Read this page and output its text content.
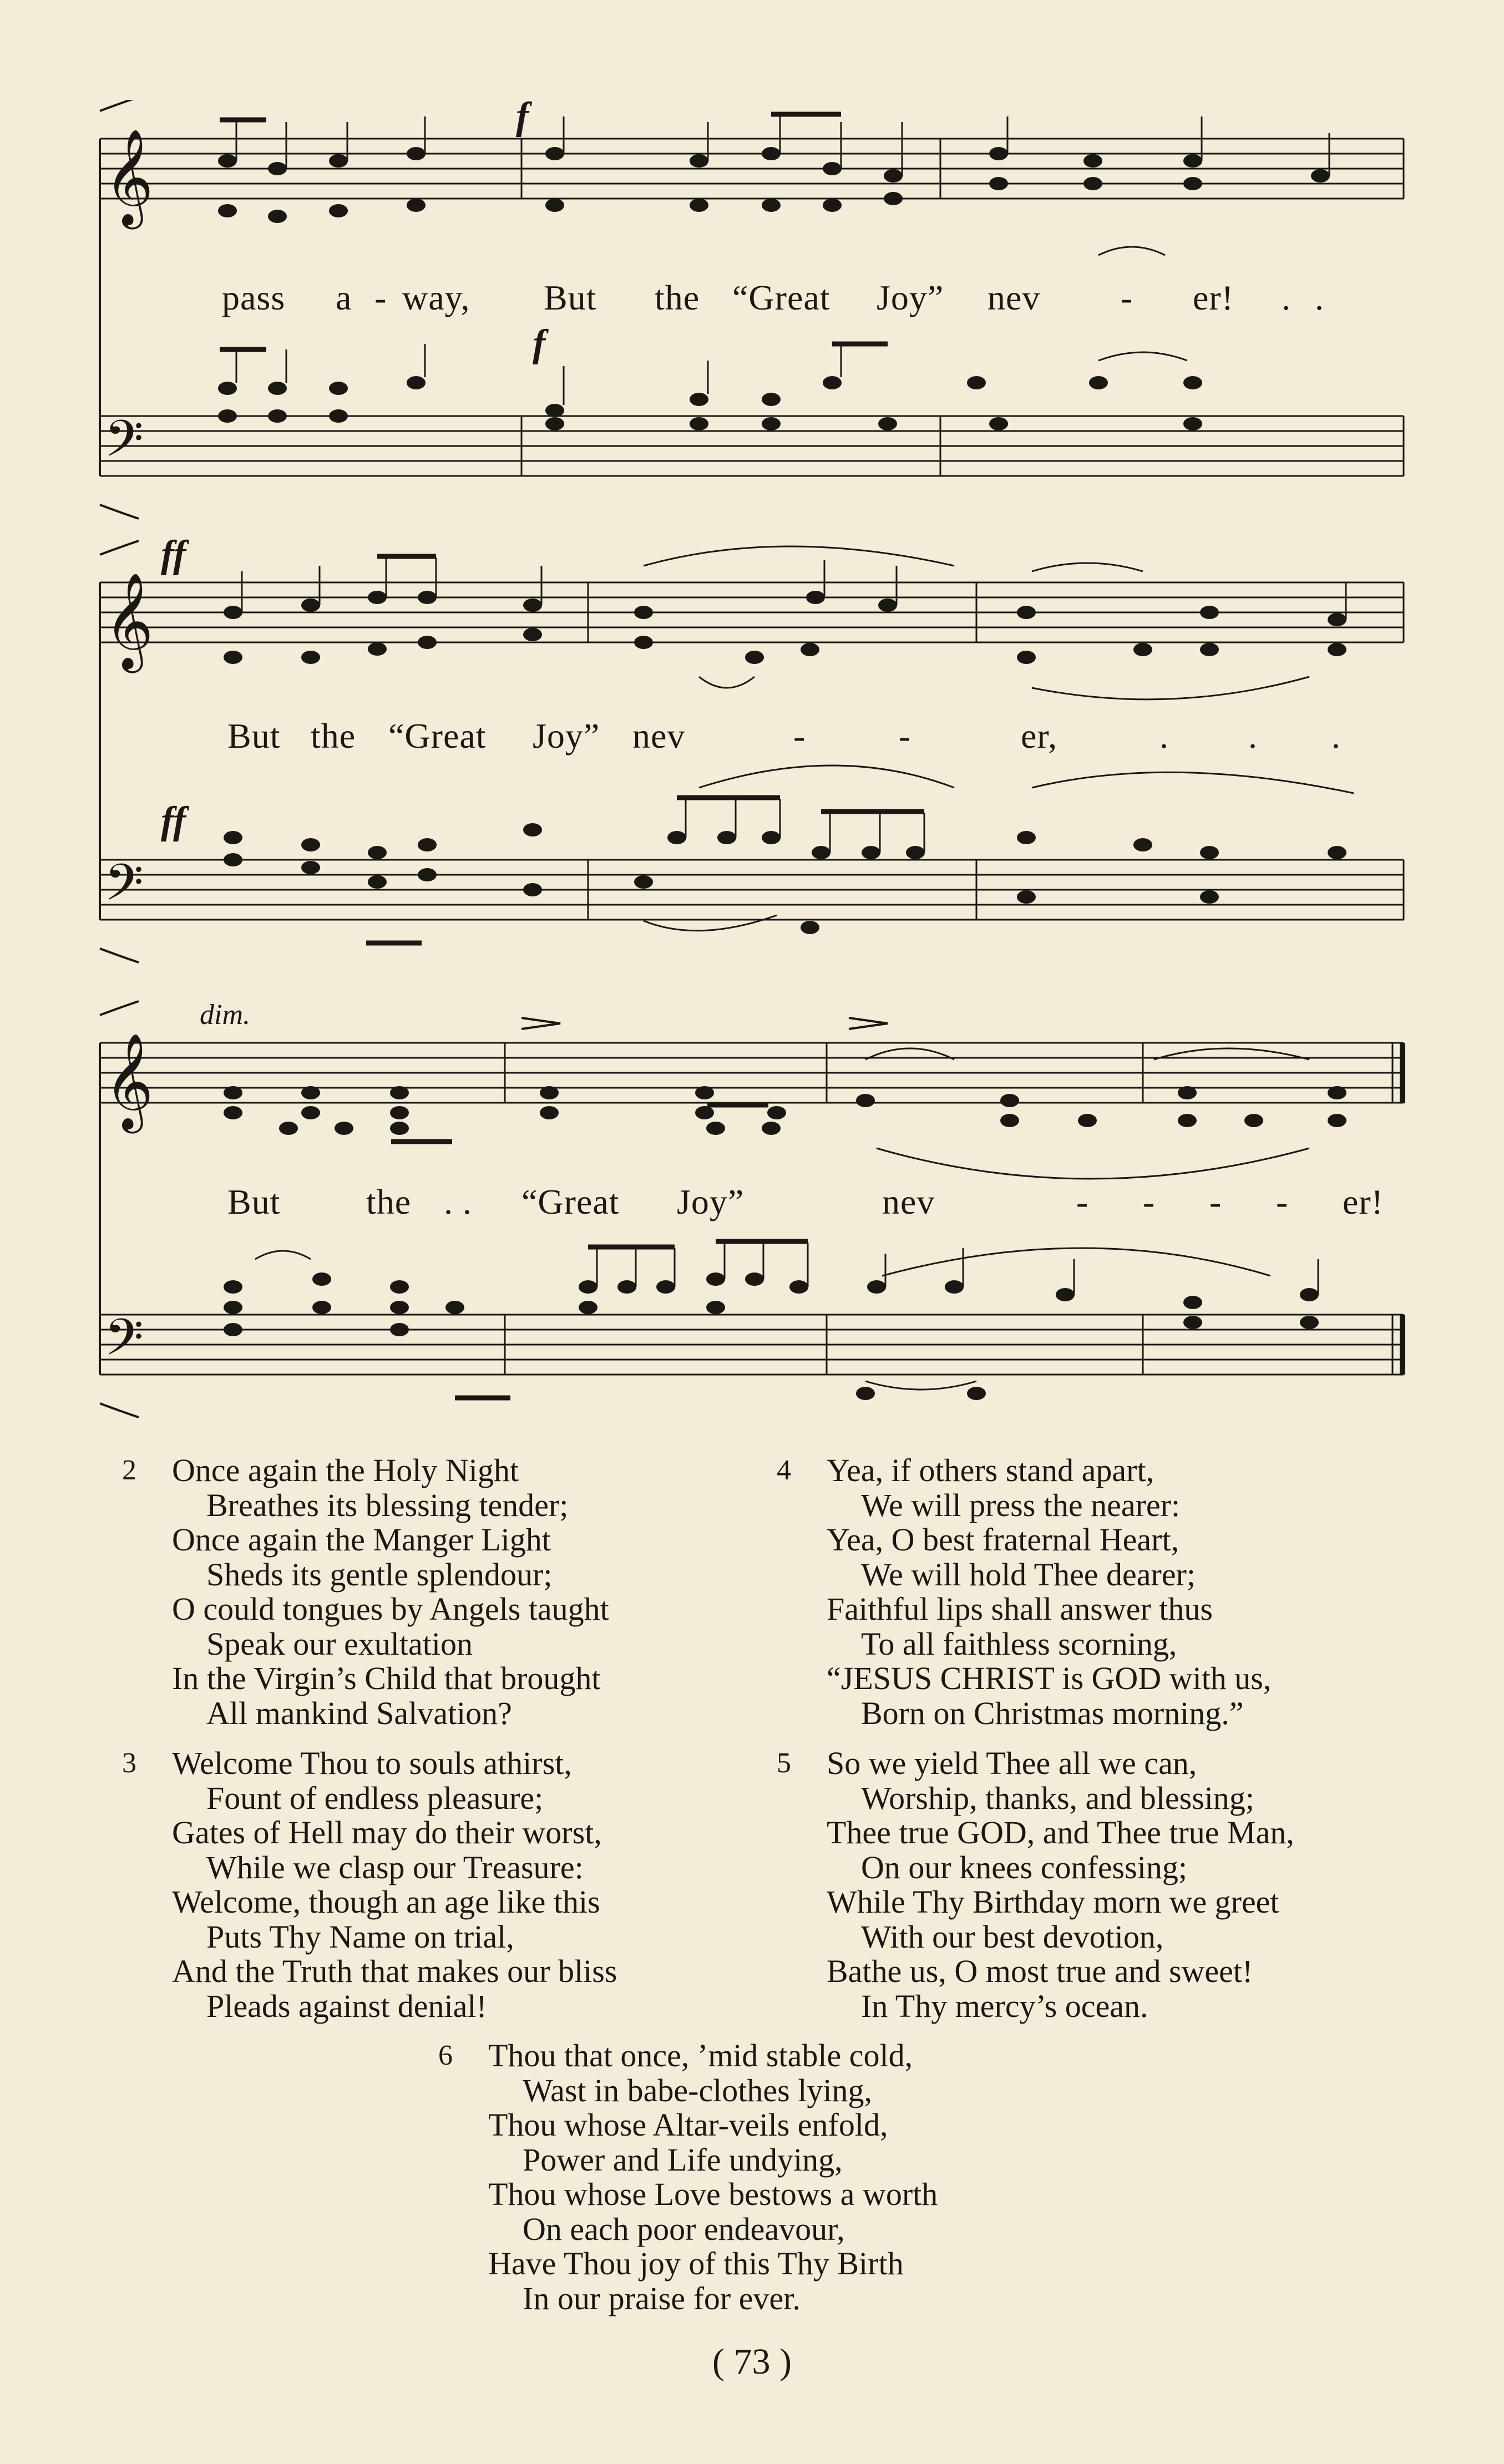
𝄞
𝄢
f
f
pass a - way, But the “Great Joy” nev - er! . .
𝄞
𝄢
ff
ff
But the “Great Joy” nev	-	-	er,	. . .
𝄞
𝄢
dim.
But the . . “Great Joy”	nev	- - - - er!
2 Once again the Holy Night
Breathes its blessing tender;
Once again the Manger Light
Sheds its gentle splendour;
O could tongues by Angels taught
Speak our exultation
In the Virgin’s Child that brought
All mankind Salvation?
4 Yea, if others stand apart,
We will press the nearer:
Yea, O best fraternal Heart,
We will hold Thee dearer;
Faithful lips shall answer thus
To all faithless scorning,
“JESUS CHRIST is GOD with us,
Born on Christmas morning.”
3 Welcome Thou to souls athirst,
Fount of endless pleasure;
Gates of Hell may do their worst,
While we clasp our Treasure:
Welcome, though an age like this
Puts Thy Name on trial,
And the Truth that makes our bliss
Pleads against denial!
5 So we yield Thee all we can,
Worship, thanks, and blessing;
Thee true GOD, and Thee true Man,
On our knees confessing;
While Thy Birthday morn we greet
With our best devotion,
Bathe us, O most true and sweet!
In Thy mercy’s ocean.
6 Thou that once, ’mid stable cold,
Wast in babe-clothes lying,
Thou whose Altar-veils enfold,
Power and Life undying,
Thou whose Love bestows a worth
On each poor endeavour,
Have Thou joy of this Thy Birth
In our praise for ever.
( 73 )
